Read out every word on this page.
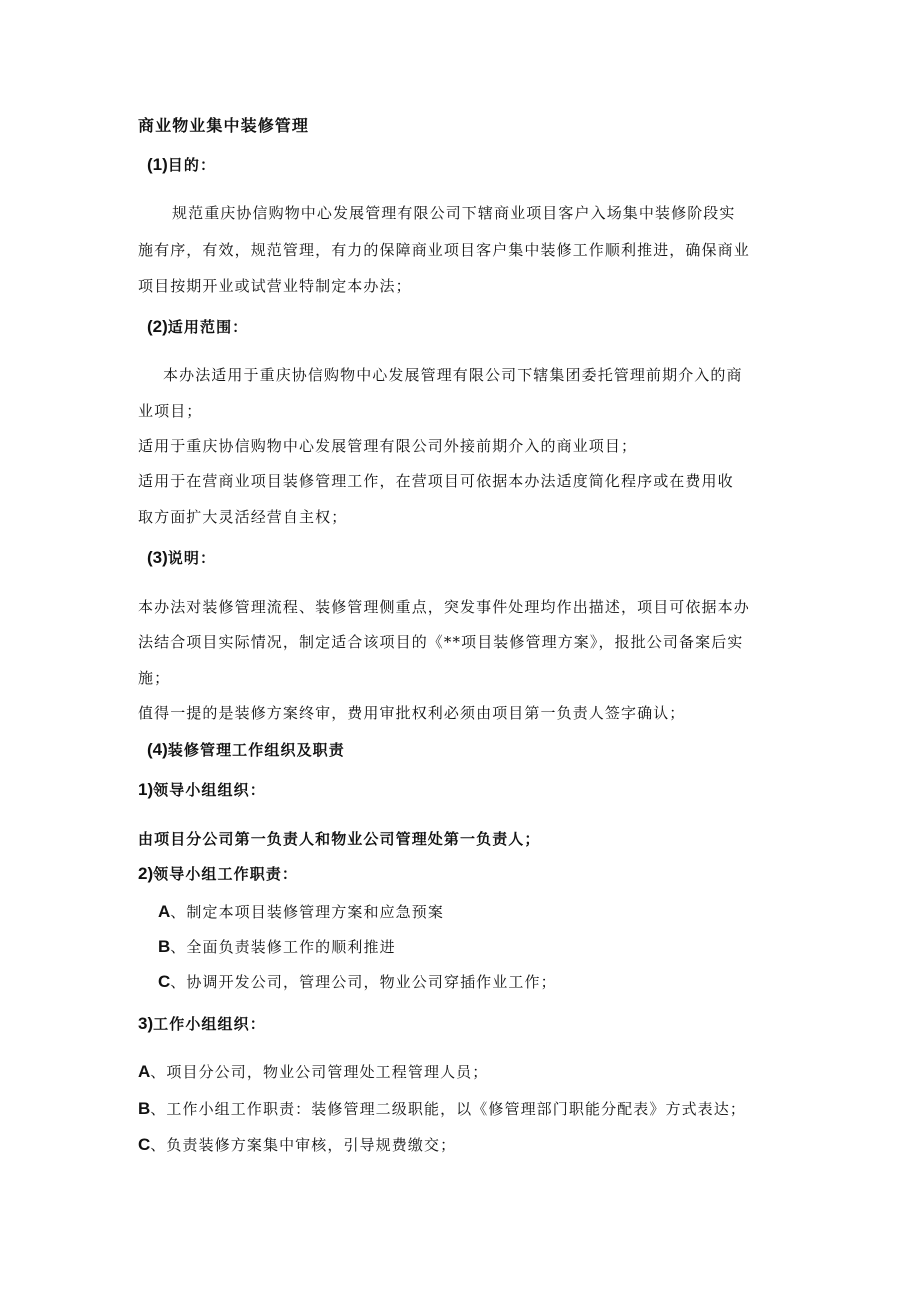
商业物业集中装修管理
(1)目的：
规范重庆协信购物中心发展管理有限公司下辖商业项目客户入场集中装修阶段实
施有序，有效，规范管理，有力的保障商业项目客户集中装修工作顺利推进，确保商业
项目按期开业或试营业特制定本办法；
(2)适用范围：
本办法适用于重庆协信购物中心发展管理有限公司下辖集团委托管理前期介入的商
业项目；
适用于重庆协信购物中心发展管理有限公司外接前期介入的商业项目；
适用于在营商业项目装修管理工作，在营项目可依据本办法适度简化程序或在费用收
取方面扩大灵活经营自主权；
(3)说明：
本办法对装修管理流程、装修管理侧重点，突发事件处理均作出描述，项目可依据本办
法结合项目实际情况，制定适合该项目的《**项目装修管理方案》，报批公司备案后实
施；
值得一提的是装修方案终审，费用审批权利必须由项目第一负责人签字确认；
(4)装修管理工作组织及职责
1)领导小组组织：
由项目分公司第一负责人和物业公司管理处第一负责人；
2)领导小组工作职责：
A、制定本项目装修管理方案和应急预案
B、全面负责装修工作的顺利推进
C、协调开发公司，管理公司，物业公司穿插作业工作；
3)工作小组组织：
A、项目分公司，物业公司管理处工程管理人员；
B、工作小组工作职责：装修管理二级职能，以《修管理部门职能分配表》方式表达；
C、负责装修方案集中审核，引导规费缴交；
